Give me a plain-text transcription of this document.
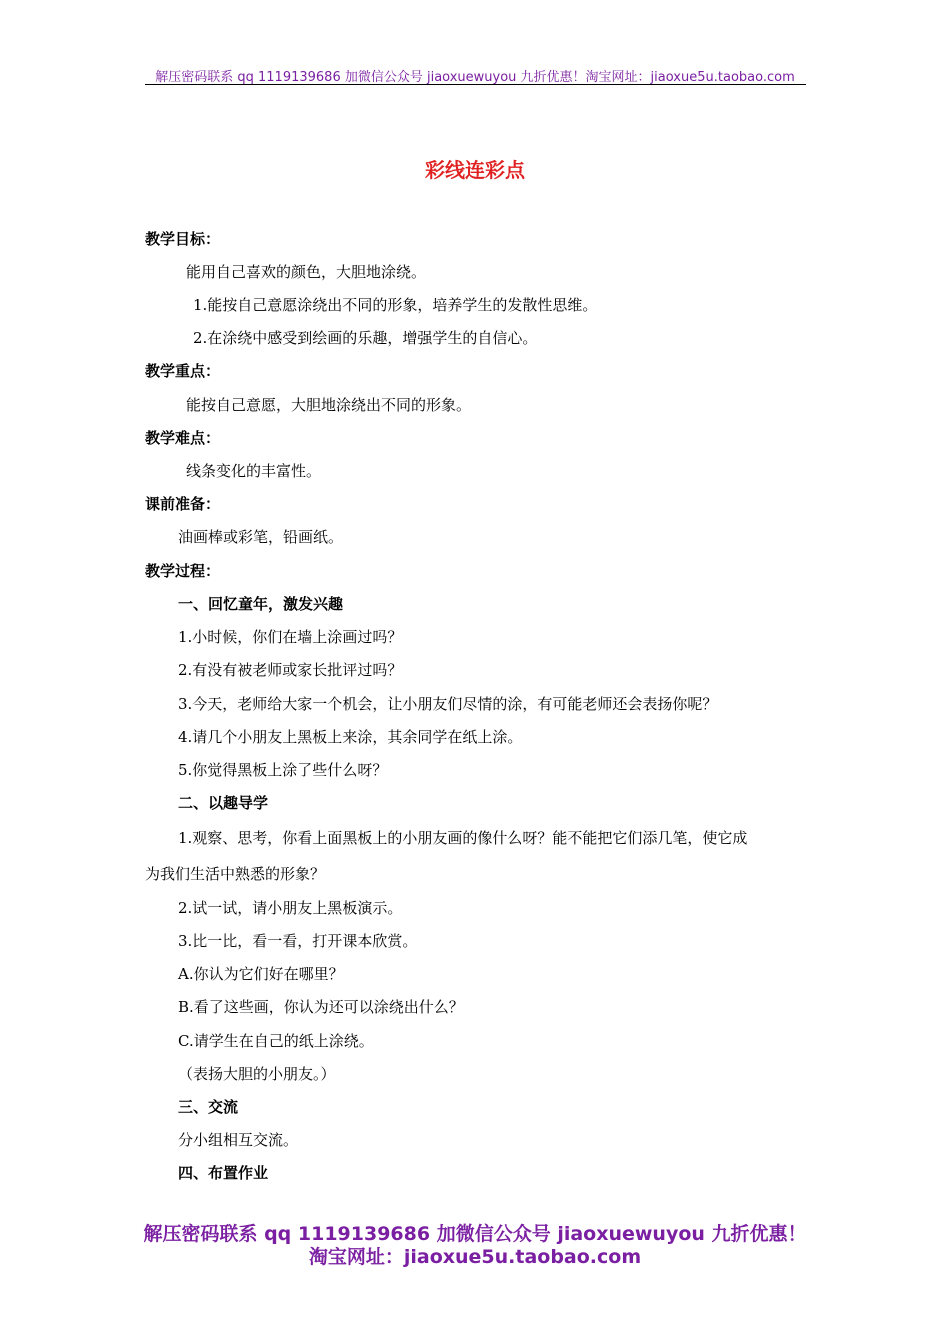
解压密码联系 qq 1119139686 加微信公众号 jiaoxuewuyou 九折优惠！淘宝网址：jiaoxue5u.taobao.com
彩线连彩点
教学目标：
能用自己喜欢的颜色，大胆地涂绕。
1.能按自己意愿涂绕出不同的形象，培养学生的发散性思维。
2.在涂绕中感受到绘画的乐趣，增强学生的自信心。
教学重点：
能按自己意愿，大胆地涂绕出不同的形象。
教学难点：
线条变化的丰富性。
课前准备：
油画棒或彩笔，铅画纸。
教学过程：
一、回忆童年，激发兴趣
1.小时候，你们在墙上涂画过吗？
2.有没有被老师或家长批评过吗？
3.今天，老师给大家一个机会，让小朋友们尽情的涂，有可能老师还会表扬你呢？
4.请几个小朋友上黑板上来涂，其余同学在纸上涂。
5.你觉得黑板上涂了些什么呀？
二、以趣导学
1.观察、思考，你看上面黑板上的小朋友画的像什么呀？能不能把它们添几笔，使它成
为我们生活中熟悉的形象？
2.试一试，请小朋友上黑板演示。
3.比一比，看一看，打开课本欣赏。
A.你认为它们好在哪里？
B.看了这些画，你认为还可以涂绕出什么？
C.请学生在自己的纸上涂绕。
（表扬大胆的小朋友。）
三、交流
分小组相互交流。
四、布置作业
解压密码联系 qq 1119139686 加微信公众号 jiaoxuewuyou 九折优惠！
淘宝网址：jiaoxue5u.taobao.com
